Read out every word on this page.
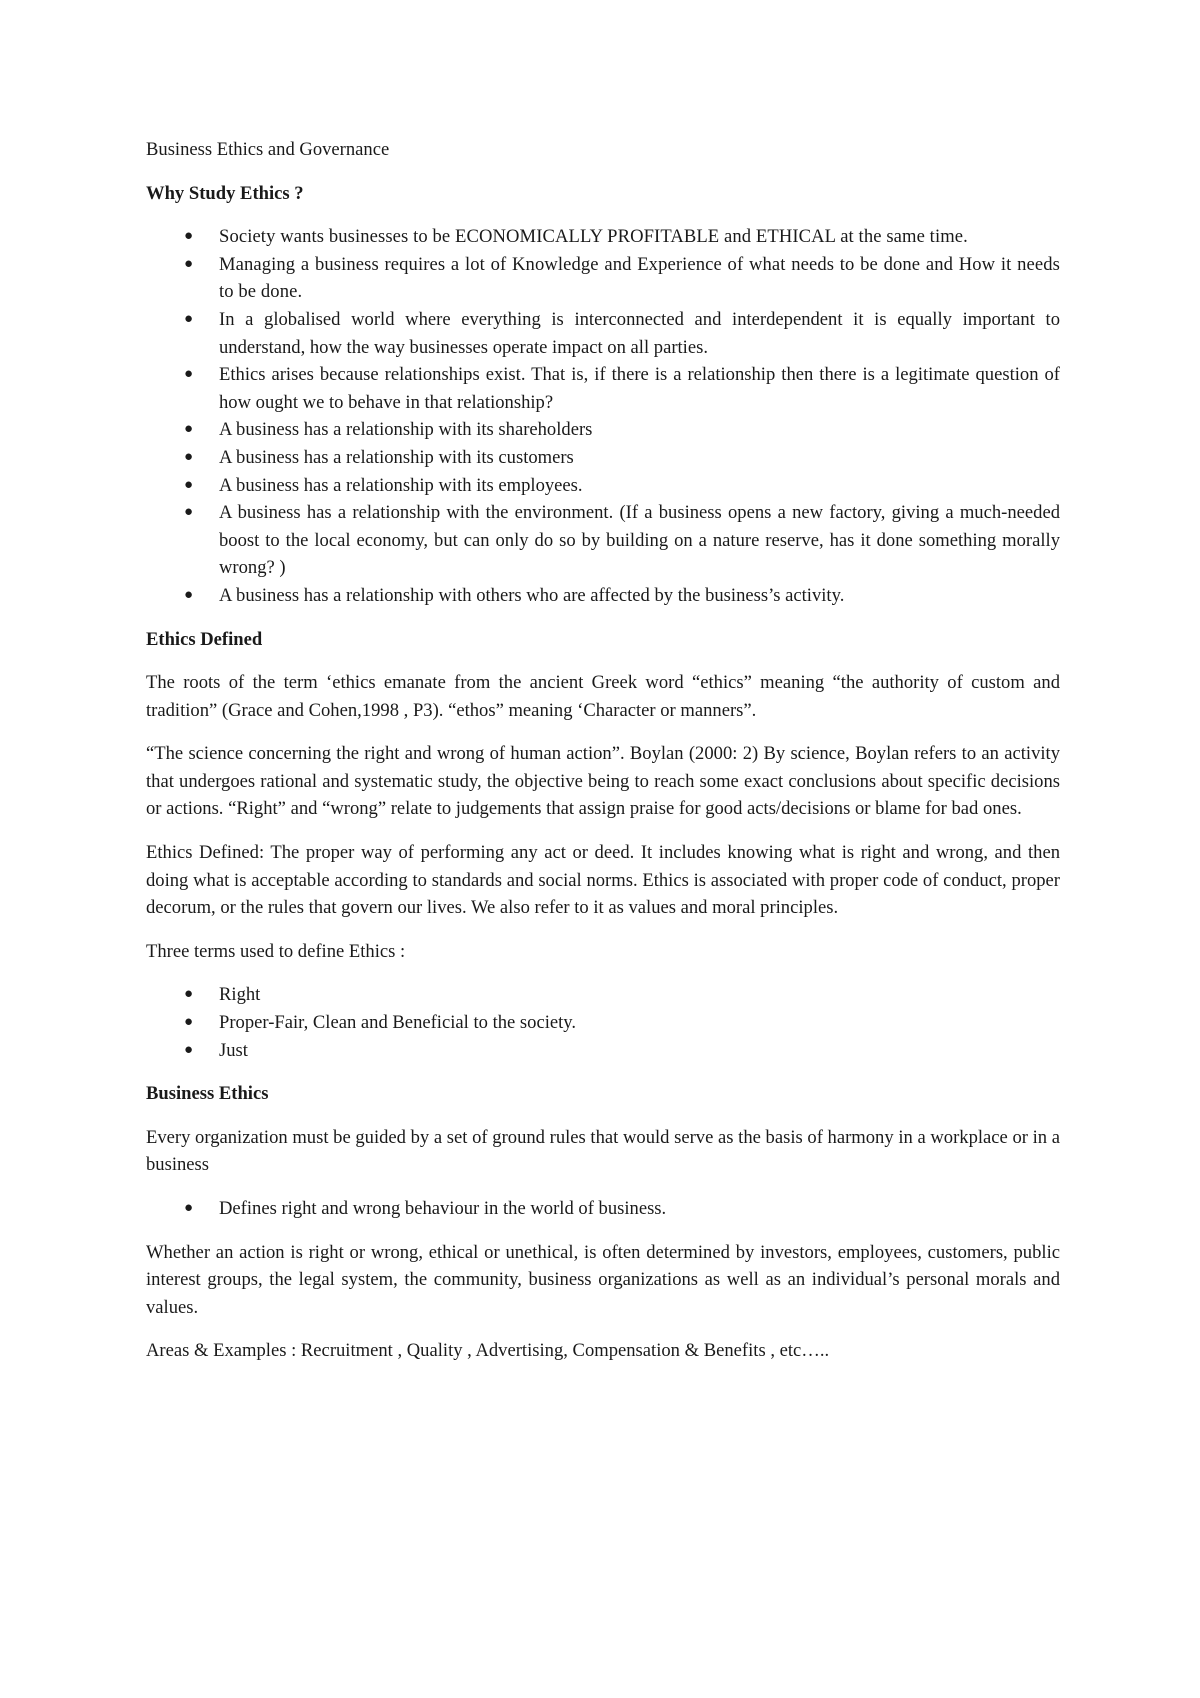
Business Ethics and Governance

Why Study Ethics ?
● Society wants businesses to be ECONOMICALLY PROFITABLE and ETHICAL at the same time.
● Managing a business requires a lot of Knowledge and Experience of what needs to be done and How it needs to be done.
● In a globalised world where everything is interconnected and interdependent it is equally important to understand, how the way businesses operate impact on all parties.
● Ethics arises because relationships exist. That is, if there is a relationship then there is a legitimate question of how ought we to behave in that relationship?
● A business has a relationship with its shareholders
● A business has a relationship with its customers
● A business has a relationship with its employees.
● A business has a relationship with the environment. (If a business opens a new factory, giving a much-needed boost to the local economy, but can only do so by building on a nature reserve, has it done something morally wrong? )
● A business has a relationship with others who are affected by the business’s activity.
Ethics Defined

The roots of the term ‘ethics emanate from the ancient Greek word “ethics” meaning “the authority of custom and tradition” (Grace and Cohen,1998 , P3). “ethos” meaning ‘Character or manners”.

“The science concerning the right and wrong of human action”. Boylan (2000: 2) By science, Boylan refers to an activity that undergoes rational and systematic study, the objective being to reach some exact conclusions about specific decisions or actions. “Right” and “wrong” relate to judgements that assign praise for good acts/decisions or blame for bad ones.

Ethics Defined: The proper way of performing any act or deed. It includes knowing what is right and wrong, and then doing what is acceptable according to standards and social norms. Ethics is associated with proper code of conduct, proper decorum, or the rules that govern our lives. We also refer to it as values and moral principles.

Three terms used to define Ethics :

● Right
● Proper-Fair, Clean and Beneficial to the society.
● Just
Business Ethics

Every organization must be guided by a set of ground rules that would serve as the basis of harmony in a workplace or in a business

● Defines right and wrong behaviour in the world of business.

Whether an action is right or wrong, ethical or unethical, is often determined by investors, employees, customers, public interest groups, the legal system, the community, business organizations as well as an individual’s personal morals and values.

Areas & Examples : Recruitment , Quality , Advertising, Compensation & Benefits , etc…..
